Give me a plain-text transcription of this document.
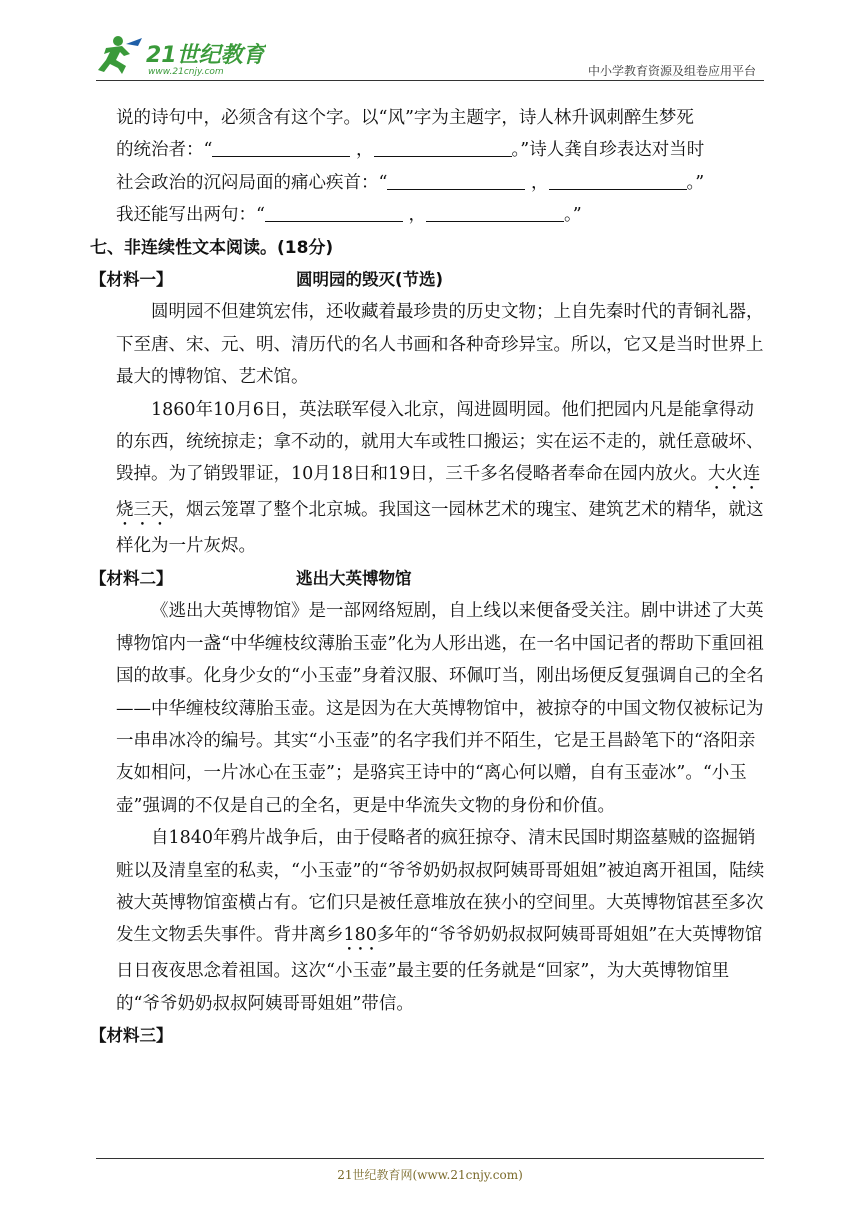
21世纪教育
www.21cnjy.com	中小学教育资源及组卷应用平台

说的诗句中，必须含有这个字。以“风”字为主题字，诗人林升讽刺醉生梦死

的统治者：“	，	。”诗人龚自珍表达对当时

社会政治的沉闷局面的痛心疾首：“	，	。”

我还能写出两句：“	，	。”

七、非连续性文本阅读。(18分)

【材料一】	圆明园的毁灭(节选)

圆明园不但建筑宏伟，还收藏着最珍贵的历史文物；上自先秦时代的青铜礼器，下至唐、宋、元、明、清历代的名人书画和各种奇珍异宝。所以，它又是当时世界上最大的博物馆、艺术馆。

1860年10月6日，英法联军侵入北京，闯进圆明园。他们把园内凡是能拿得动的东西，统统掠走；拿不动的，就用大车或牲口搬运；实在运不走的，就任意破坏、毁掉。为了销毁罪证，10月18日和19日，三千多名侵略者奉命在园内放火。大火连烧三天，烟云笼罩了整个北京城。我国这一园林艺术的瑰宝、建筑艺术的精华，就这样化为一片灰烬。

【材料二】	逃出大英博物馆

《逃出大英博物馆》是一部网络短剧，自上线以来便备受关注。剧中讲述了大英博物馆内一盏“中华缠枝纹薄胎玉壶”化为人形出逃，在一名中国记者的帮助下重回祖国的故事。化身少女的“小玉壶”身着汉服、环佩叮当，刚出场便反复强调自己的全名——中华缠枝纹薄胎玉壶。这是因为在大英博物馆中，被掠夺的中国文物仅被标记为一串串冰冷的编号。其实“小玉壶”的名字我们并不陌生，它是王昌龄笔下的“洛阳亲友如相问，一片冰心在玉壶”；是骆宾王诗中的“离心何以赠，自有玉壶冰”。“小玉壶”强调的不仅是自己的全名，更是中华流失文物的身份和价值。

自1840年鸦片战争后，由于侵略者的疯狂掠夺、清末民国时期盗墓贼的盗掘销赃以及清皇室的私卖，“小玉壶”的“爷爷奶奶叔叔阿姨哥哥姐姐”被迫离开祖国，陆续被大英博物馆蛮横占有。它们只是被任意堆放在狭小的空间里。大英博物馆甚至多次发生文物丢失事件。背井离乡180多年的“爷爷奶奶叔叔阿姨哥哥姐姐”在大英博物馆日日夜夜思念着祖国。这次“小玉壶”最主要的任务就是“回家”，为大英博物馆里的“爷爷奶奶叔叔阿姨哥哥姐姐”带信。

【材料三】

21世纪教育网(www.21cnjy.com)
